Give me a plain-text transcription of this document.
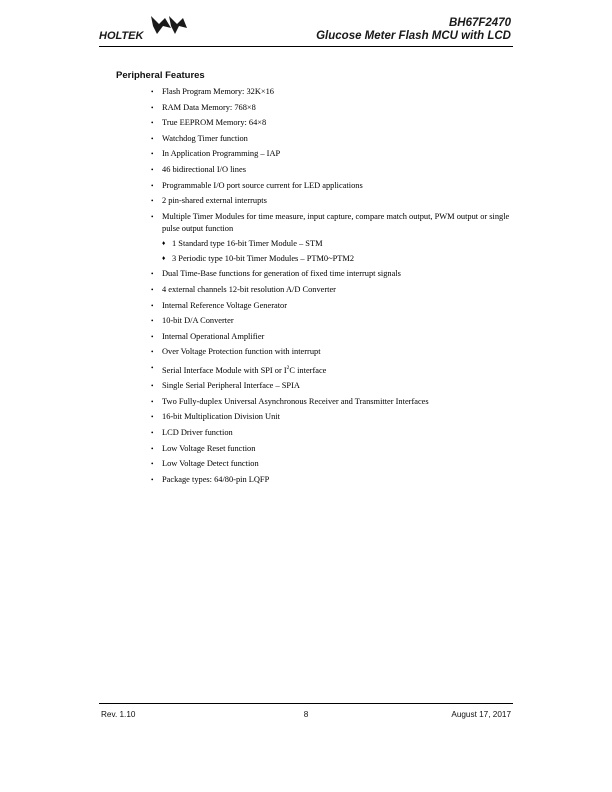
HOLTEK
BH67F2470
Glucose Meter Flash MCU with LCD
Peripheral Features
• Flash Program Memory: 32K×16
• RAM Data Memory: 768×8
• True EEPROM Memory: 64×8
• Watchdog Timer function
• In Application Programming – IAP
• 46 bidirectional I/O lines
• Programmable I/O port source current for LED applications
• 2 pin-shared external interrupts
• Multiple Timer Modules for time measure, input capture, compare match output, PWM output or single pulse output function
♦ 1 Standard type 16-bit Timer Module – STM
♦ 3 Periodic type 10-bit Timer Modules – PTM0~PTM2
• Dual Time-Base functions for generation of fixed time interrupt signals
• 4 external channels 12-bit resolution A/D Converter
• Internal Reference Voltage Generator
• 10-bit D/A Converter
• Internal Operational Amplifier
• Over Voltage Protection function with interrupt
• Serial Interface Module with SPI or $I^2C$ interface
• Single Serial Peripheral Interface – SPIA
• Two Fully-duplex Universal Asynchronous Receiver and Transmitter Interfaces
• 16-bit Multiplication Division Unit
• LCD Driver function
• Low Voltage Reset function
• Low Voltage Detect function
• Package types: 64/80-pin LQFP
Rev. 1.10	8	August 17, 2017
